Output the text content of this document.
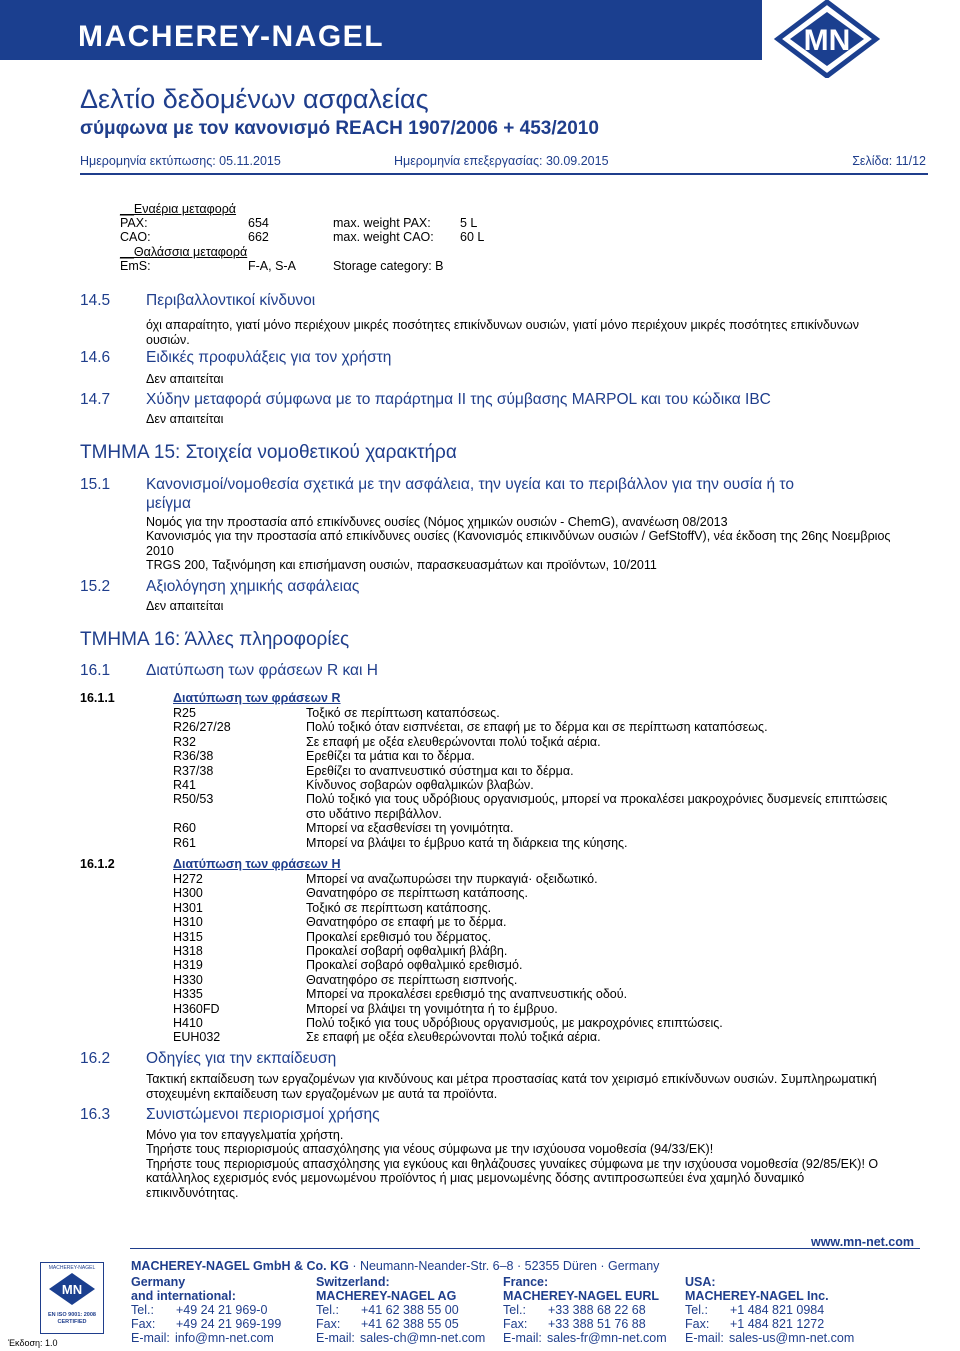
MACHEREY-NAGEL	MN
Δελτίο δεδομένων ασφαλείας
σύμφωνα με τον κανονισμό REACH 1907/2006 + 453/2010
Ημερομηνία εκτύπωσης: 05.11.2015	Ημερομηνία επεξεργασίας: 30.09.2015	Σελίδα: 11/12
__Εναέρια μεταφορά
PAX:	654	max. weight PAX: 5 L
CAO:	662	max. weight CAO: 60 L
__Θαλάσσια μεταφορά
EmS:	F-A, S-A	Storage category: B
14.5 Περιβαλλοντικοί κίνδυνοι
όχι απαραίτητο, γιατί μόνο περιέχουν μικρές ποσότητες επικίνδυνων ουσιών, γιατί μόνο περιέχουν μικρές ποσότητες επικίνδυνων
ουσιών.
14.6 Ειδικές προφυλάξεις για τον χρήστη
Δεν απαιτείται
14.7 Χύδην μεταφορά σύμφωνα με το παράρτημα II της σύμβασης MARPOL και του κώδικα IBC
Δεν απαιτείται
ΤΜΗΜΑ 15: Στοιχεία νομοθετικού χαρακτήρα
15.1 Κανονισμοί/νομοθεσία σχετικά με την ασφάλεια, την υγεία και το περιβάλλον για την ουσία ή το
μείγμα
Νομός για την προστασία από επικίνδυνες ουσίες (Νόμος χημικών ουσιών - ChemG), ανανέωση 08/2013
Κανονισμός για την προστασία από επικίνδυνες ουσίες (Κανονισμός επικινδύνων ουσιών / GefStoffV), νέα έκδοση της 26ης Νοεμβριος
2010
TRGS 200, Ταξινόμηση και επισήμανση ουσιών, παρασκευασμάτων και προϊόντων, 10/2011
15.2 Αξιολόγηση χημικής ασφάλειας
Δεν απαιτείται
ΤΜΗΜΑ 16: Άλλες πληροφορίες
16.1 Διατύπωση των φράσεων R και H
16.1.1	Διατύπωση των φράσεων R
R25	Τοξικό σε περίπτωση καταπόσεως.
R26/27/28	Πολύ τοξικό όταν εισπνέεται, σε επαφή με το δέρμα και σε περίπτωση καταπόσεως.
R32	Σε επαφή με οξέα ελευθερώνονται πολύ τοξικά αέρια.
R36/38	Ερεθίζει τα μάτια και το δέρμα.
R37/38	Ερεθίζει το αναπνευστικό σύστημα και το δέρμα.
R41	Κίνδυνος σοβαρών οφθαλμικών βλαβών.
R50/53	Πολύ τοξικό για τους υδρόβιους οργανισμούς, μπορεί να προκαλέσει μακροχρόνιες δυσμενείς επιπτώσεις
στο υδάτινο περιβάλλον.
R60	Μπορεί να εξασθενίσει τη γονιμότητα.
R61	Μπορεί να βλάψει το έμβρυο κατά τη διάρκεια της κύησης.
16.1.2	Διατύπωση των φράσεων H
H272	Μπορεί να αναζωπυρώσει την πυρκαγιά· οξειδωτικό.
H300	Θανατηφόρο σε περίπτωση κατάποσης.
H301	Τοξικό σε περίπτωση κατάποσης.
H310	Θανατηφόρο σε επαφή με το δέρμα.
H315	Προκαλεί ερεθισμό του δέρματος.
H318	Προκαλεί σοβαρή οφθαλμική βλάβη.
H319	Προκαλεί σοβαρό οφθαλμικό ερεθισμό.
H330	Θανατηφόρο σε περίπτωση εισπνοής.
H335	Μπορεί να προκαλέσει ερεθισμό της αναπνευστικής οδού.
H360FD	Μπορεί να βλάψει τη γονιμότητα ή το έμβρυο.
H410	Πολύ τοξικό για τους υδρόβιους οργανισμούς, με μακροχρόνιες επιπτώσεις.
EUH032	Σε επαφή με οξέα ελευθερώνονται πολύ τοξικά αέρια.
16.2 Οδηγίες για την εκπαίδευση
Τακτική εκπαίδευση των εργαζομένων για κινδύνους και μέτρα προστασίας κατά τον χειρισμό επικίνδυνων ουσιών. Συμπληρωματική
στοχευμένη εκπαίδευση των εργαζομένων με αυτά τα προϊόντα.
16.3 Συνιστώμενοι περιορισμοί χρήσης
Μόνο για τον επαγγελματία χρήστη.
Τηρήστε τους περιορισμούς απασχόλησης για νέους σύμφωνα με την ισχύουσα νομοθεσία (94/33/EK)!
Τηρήστε τους περιορισμούς απασχόλησης για εγκύους και θηλάζουσες γυναίκες σύμφωνα με την ισχύουσα νομοθεσία (92/85/EK)! Ο
κατάλληλος εχερισμός ενός μεμονωμένου προϊόντος ή μιας μεμονωμένης δόσης αντιπροσωπεύει ένα χαμηλό δυναμικό
επικινδυνότητας.
www.mn-net.com
MACHEREY-NAGEL GmbH & Co. KG · Neumann-Neander-Str. 6–8 · 52355 Düren · Germany
MACHEREY-NAGEL
MN
EN ISO 9001: 2008 CERTIFIED
Έκδοση: 1.0
Germany
and international:
Tel.: +49 24 21 969-0
Fax: +49 24 21 969-199
E-mail: info@mn-net.com
Switzerland:
MACHEREY-NAGEL AG
Tel.: +41 62 388 55 00
Fax: +41 62 388 55 05
E-mail: sales-ch@mn-net.com
France:
MACHEREY-NAGEL EURL
Tel.: +33 388 68 22 68
Fax: +33 388 51 76 88
E-mail: sales-fr@mn-net.com
USA:
MACHEREY-NAGEL Inc.
Tel.: +1 484 821 0984
Fax: +1 484 821 1272
E-mail: sales-us@mn-net.com
